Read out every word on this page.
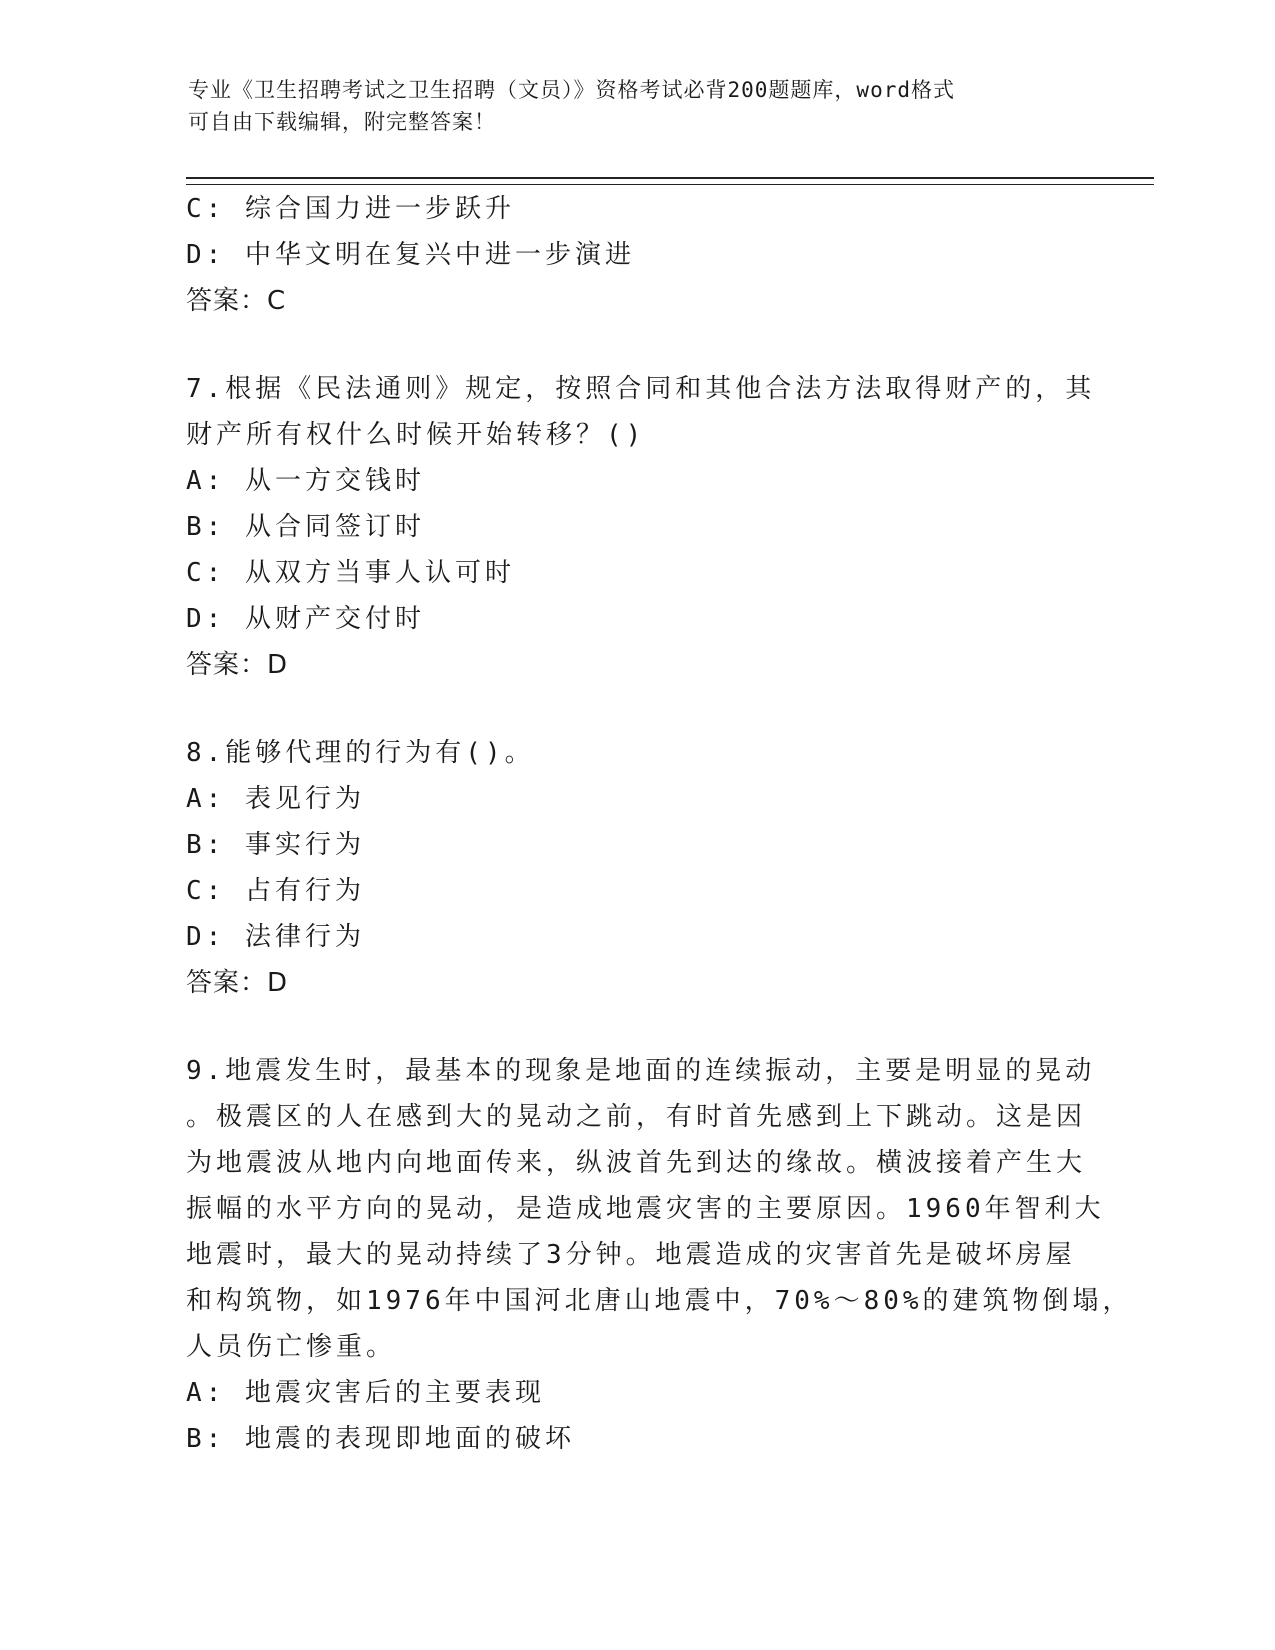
专业《卫生招聘考试之卫生招聘（文员）》资格考试必背200题题库，word格式

可自由下载编辑，附完整答案！

C: 综合国力进一步跃升

D: 中华文明在复兴中进一步演进

答案：C

7.根据《民法通则》规定，按照合同和其他合法方法取得财产的，其

财产所有权什么时候开始转移？()

A: 从一方交钱时

B: 从合同签订时

C: 从双方当事人认可时

D: 从财产交付时

答案：D

8.能够代理的行为有()。

A: 表见行为

B: 事实行为

C: 占有行为

D: 法律行为

答案：D

9.地震发生时，最基本的现象是地面的连续振动，主要是明显的晃动

。极震区的人在感到大的晃动之前，有时首先感到上下跳动。这是因

为地震波从地内向地面传来，纵波首先到达的缘故。横波接着产生大

振幅的水平方向的晃动，是造成地震灾害的主要原因。1960年智利大

地震时，最大的晃动持续了3分钟。地震造成的灾害首先是破坏房屋

和构筑物，如1976年中国河北唐山地震中，70%～80%的建筑物倒塌，

人员伤亡惨重。

A: 地震灾害后的主要表现

B: 地震的表现即地面的破坏
